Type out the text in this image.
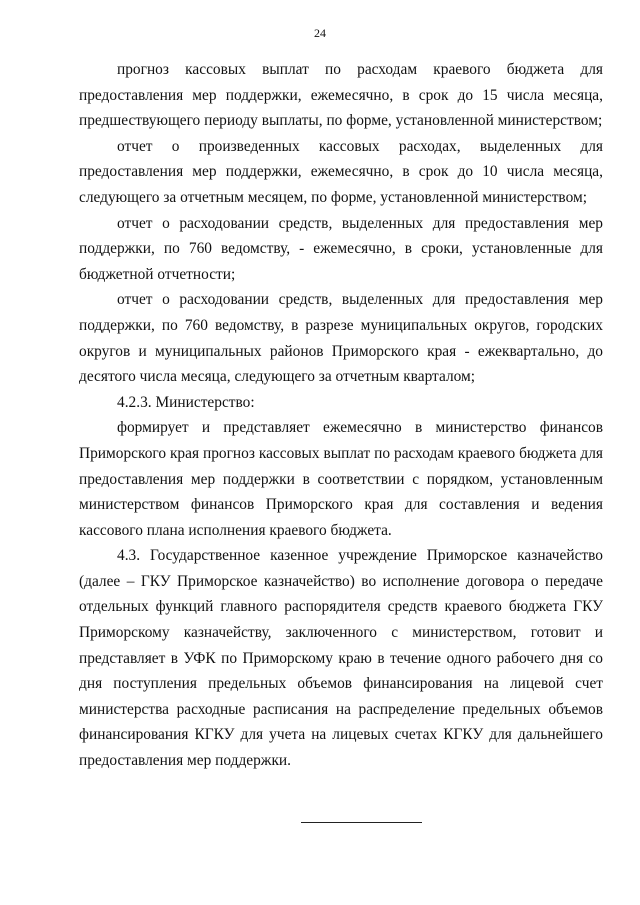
24

прогноз кассовых выплат по расходам краевого бюджета для предоставления мер поддержки, ежемесячно, в срок до 15 числа месяца, предшествующего периоду выплаты, по форме, установленной министерством;

отчет о произведенных кассовых расходах, выделенных для предоставления мер поддержки, ежемесячно, в срок до 10 числа месяца, следующего за отчетным месяцем, по форме, установленной министерством;

отчет о расходовании средств, выделенных для предоставления мер поддержки, по 760 ведомству, - ежемесячно, в сроки, установленные для бюджетной отчетности;

отчет о расходовании средств, выделенных для предоставления мер поддержки, по 760 ведомству, в разрезе муниципальных округов, городских округов и муниципальных районов Приморского края - ежеквартально, до десятого числа месяца, следующего за отчетным кварталом;

4.2.3. Министерство:

формирует и представляет ежемесячно в министерство финансов Приморского края прогноз кассовых выплат по расходам краевого бюджета для предоставления мер поддержки в соответствии с порядком, установленным министерством финансов Приморского края для составления и ведения кассового плана исполнения краевого бюджета.

4.3. Государственное казенное учреждение Приморское казначейство (далее – ГКУ Приморское казначейство) во исполнение договора о передаче отдельных функций главного распорядителя средств краевого бюджета ГКУ Приморскому казначейству, заключенного с министерством, готовит и представляет в УФК по Приморскому краю в течение одного рабочего дня со дня поступления предельных объемов финансирования на лицевой счет министерства расходные расписания на распределение предельных объемов финансирования КГКУ для учета на лицевых счетах КГКУ для дальнейшего предоставления мер поддержки.
